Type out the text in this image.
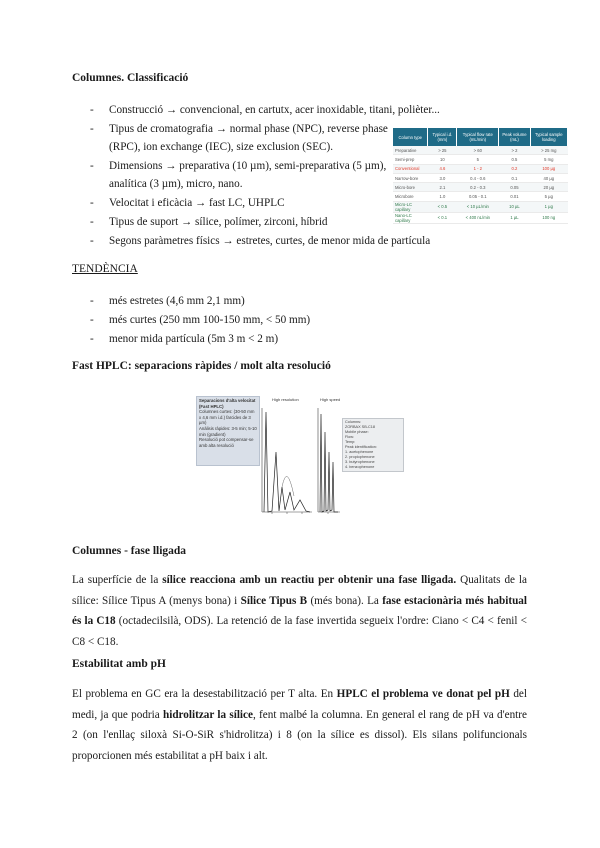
Columnes. Classificació
- Construcció → convencional, en cartutx, acer inoxidable, titani, polièter...
- Tipus de cromatografia → normal phase (NPC), reverse phase
(RPC), ion exchange (IEC), size exclusion (SEC).
- Dimensions → preparativa (10 µm), semi-preparativa (5 µm),
analítica (3 µm), micro, nano.
- Velocitat i eficàcia → fast LC, UHPLC
- Tipus de suport → sílice, polímer, zirconi, híbrid
- Segons paràmetres físics → estretes, curtes, de menor mida de partícula
Column type	Typical i.d. (mm)	Typical flow rate (mL/min)	Peak volume (mL)	Typical sample loading
Preparative	> 25	> 60	> 2	> 25 mg
Semi-prep	10	5	0.5	5 mg
Conventional	4.6	1 - 2	0.2	100 µg
Narrow-bore	3.0	0.4 - 0.6	0.1	40 µg
Micro-bore	2.1	0.2 - 0.3	0.05	20 µg
Microbore	1.0	0.05 - 0.1	0.01	5 µg
Micro-LC capillary	< 0.5	< 10 µL/min	10 µL	1 µg
Nano-LC capillary	< 0.1	< 400 nL/min	1 µL	100 ng
TENDÈNCIA
- més estretes (4,6 mm 2,1 mm)
- més curtes (250 mm 100-150 mm, < 50 mm)
- menor mida partícula (5m 3 m < 2 m)
Fast HPLC: separacions ràpides / molt alta resolució
Separacions d'alta velocitat (Fast HPLC)
Columnes curtes: (30-50 mm x 4,6 mm i.d.) farcides de 3 µm)
Anàlisis ràpides: 3-5 min; 5-10 min (gradient)
Resolució pot compensar-se amb alta resolució
High resolution	High speed
Columns:
ZORBAX SB-C18
Mobile phase:
Flow:
Temp:
Peak identification:
1. acetophenone
2. propiophenone
3. butyrophenone
4. benzophenone
Columnes - fase lligada
La superfície de la sílice reacciona amb un reactiu per obtenir una fase lligada. Qualitats de la sílice: Sílice Tipus A (menys bona) i Sílice Tipus B (més bona). La fase estacionària més habitual és la C18 (octadecilsilà, ODS). La retenció de la fase invertida segueix l'ordre: Ciano < C4 < fenil < C8 < C18.
Estabilitat amb pH
El problema en GC era la desestabilització per T alta. En HPLC el problema ve donat pel pH del medi, ja que podria hidrolitzar la sílice, fent malbé la columna. En general el rang de pH va d'entre 2 (on l'enllaç siloxà Si-O-SiR s'hidrolitza) i 8 (on la sílice es dissol). Els silans polifuncionals proporcionen més estabilitat a pH baix i alt.
